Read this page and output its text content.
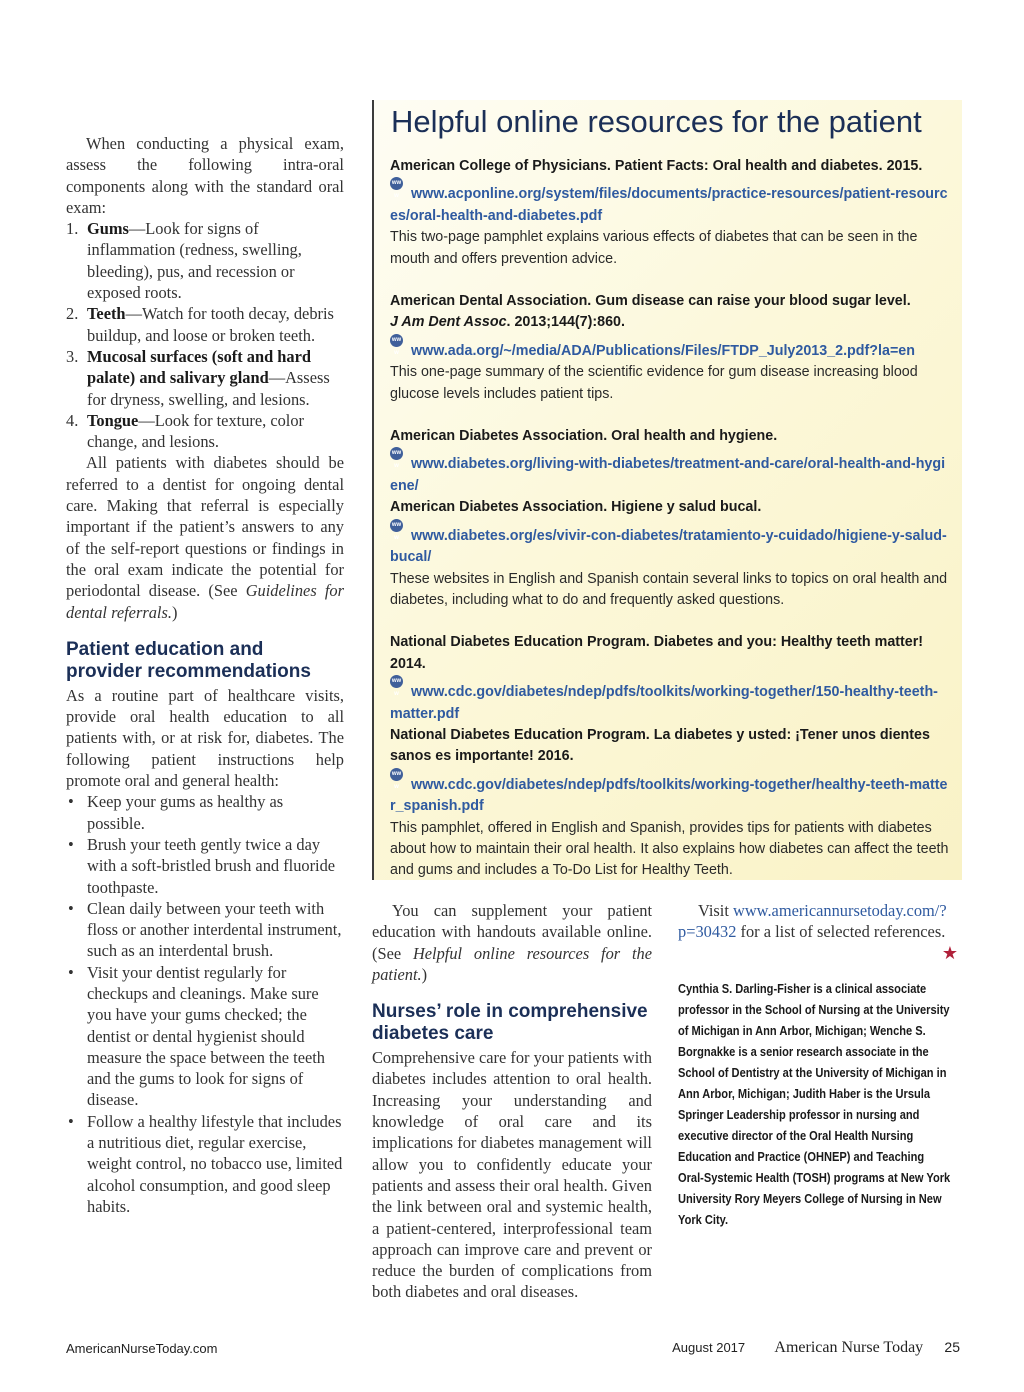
When conducting a physical exam, assess the following intra-oral components along with the standard oral exam:

1. Gums—Look for signs of inflammation (redness, swelling, bleeding), pus, and recession or exposed roots.
2. Teeth—Watch for tooth decay, debris buildup, and loose or broken teeth.
3. Mucosal surfaces (soft and hard palate) and salivary gland—Assess for dryness, swelling, and lesions.
4. Tongue—Look for texture, color change, and lesions.

All patients with diabetes should be referred to a dentist for ongoing dental care. Making that referral is especially important if the patient’s answers to any of the self-report questions or findings in the oral exam indicate the potential for periodontal disease. (See Guidelines for dental referrals.)

Patient education and provider recommendations

As a routine part of healthcare visits, provide oral health education to all patients with, or at risk for, diabetes. The following patient instructions help promote oral and general health:

• Keep your gums as healthy as possible.
• Brush your teeth gently twice a day with a soft-bristled brush and fluoride toothpaste.
• Clean daily between your teeth with floss or another interdental instrument, such as an interdental brush.
• Visit your dentist regularly for checkups and cleanings. Make sure you have your gums checked; the dentist or dental hygienist should measure the space between the teeth and the gums to look for signs of disease.
• Follow a healthy lifestyle that includes a nutritious diet, regular exercise, weight control, no tobacco use, limited alcohol consumption, and good sleep habits.
Helpful online resources for the patient
American College of Physicians. Patient Facts: Oral health and diabetes. 2015.
www www.acponline.org/system/files/documents/practice-resources/patient-resources/oral-health-and-diabetes.pdf

This two-page pamphlet explains various effects of diabetes that can be seen in the mouth and offers prevention advice.

American Dental Association. Gum disease can raise your blood sugar level.
J Am Dent Assoc. 2013;144(7):860.
www www.ada.org/~/media/ADA/Publications/Files/FTDP_July2013_2.pdf?la=en

This one-page summary of the scientific evidence for gum disease increasing blood glucose levels includes patient tips.

American Diabetes Association. Oral health and hygiene.
www www.diabetes.org/living-with-diabetes/treatment-and-care/oral-health-and-hygiene/
American Diabetes Association. Higiene y salud bucal.
www www.diabetes.org/es/vivir-con-diabetes/tratamiento-y-cuidado/higiene-y-salud-bucal/

These websites in English and Spanish contain several links to topics on oral health and diabetes, including what to do and frequently asked questions.

National Diabetes Education Program. Diabetes and you: Healthy teeth matter! 2014.
www www.cdc.gov/diabetes/ndep/pdfs/toolkits/working-together/150-healthy-teeth-matter.pdf
National Diabetes Education Program. La diabetes y usted: ¡Tener unos dientes sanos es importante! 2016.
www www.cdc.gov/diabetes/ndep/pdfs/toolkits/working-together/healthy-teeth-matter_spanish.pdf

This pamphlet, offered in English and Spanish, provides tips for patients with diabetes about how to maintain their oral health. It also explains how diabetes can affect the teeth and gums and includes a To-Do List for Healthy Teeth.

You can supplement your patient education with handouts available online. (See Helpful online resources for the patient.)

Nurses’ role in comprehensive diabetes care

Comprehensive care for your patients with diabetes includes attention to oral health. Increasing your understanding and knowledge of oral care and its implications for diabetes management will allow you to confidently educate your patients and assess their oral health. Given the link between oral and systemic health, a patient-centered, interprofessional team approach can improve care and prevent or reduce the burden of complications from both diabetes and oral diseases.

Visit www.americannursetoday.com/?p=30432 for a list of selected references.
★

Cynthia S. Darling-Fisher is a clinical associate professor in the School of Nursing at the University of Michigan in Ann Arbor, Michigan; Wenche S. Borgnakke is a senior research associate in the School of Dentistry at the University of Michigan in Ann Arbor, Michigan; Judith Haber is the Ursula Springer Leadership professor in nursing and executive director of the Oral Health Nursing Education and Practice (OHNEP) and Teaching Oral-Systemic Health (TOSH) programs at New York University Rory Meyers College of Nursing in New York City.

AmericanNurseToday.com	August 2017 American Nurse Today 25
